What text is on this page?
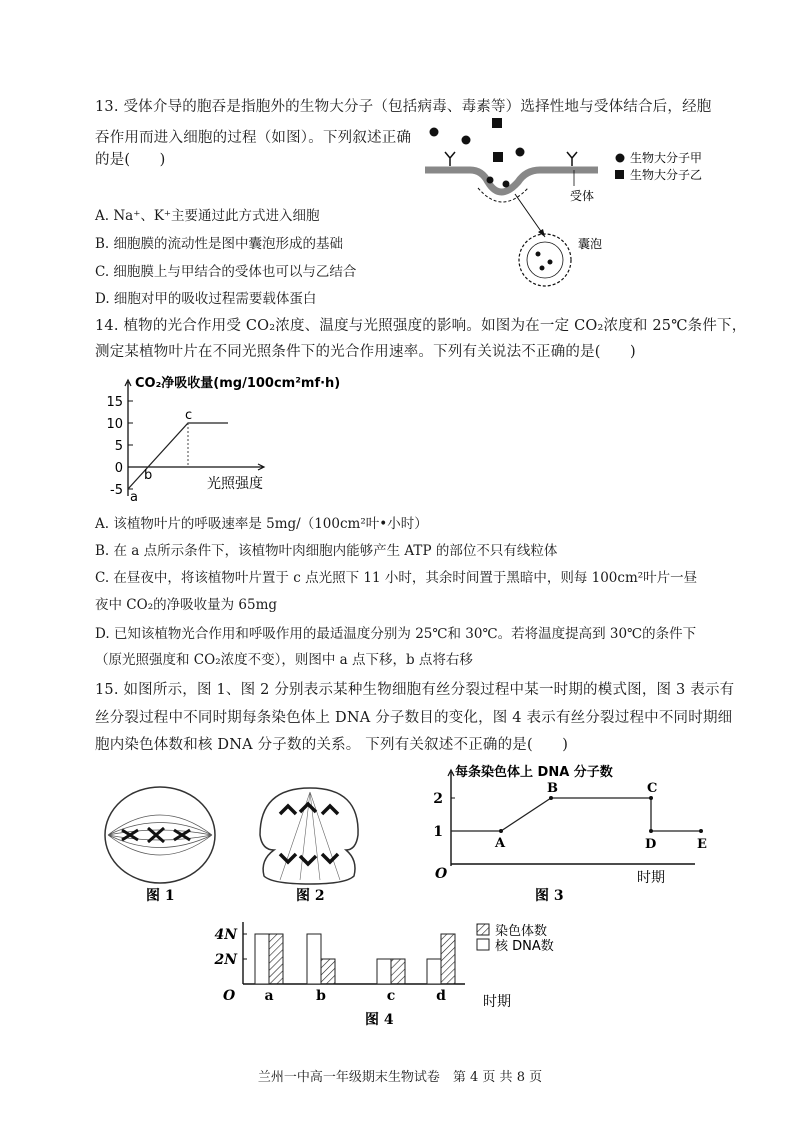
13. 受体介导的胞吞是指胞外的生物大分子（包括病毒、毒素等）选择性地与受体结合后，经胞
吞作用而进入细胞的过程（如图）。下列叙述正确
的是(　　)
A. Na⁺、K⁺主要通过此方式进入细胞
B. 细胞膜的流动性是图中囊泡形成的基础
C. 细胞膜上与甲结合的受体也可以与乙结合
D. 细胞对甲的吸收过程需要载体蛋白
受体
囊泡
生物大分子甲
生物大分子乙
14. 植物的光合作用受 CO₂浓度、温度与光照强度的影响。如图为在一定 CO₂浓度和 25℃条件下，
测定某植物叶片在不同光照条件下的光合作用速率。下列有关说法不正确的是(　　)
CO₂净吸收量(mg/100cm²mf·h)
15
10
5
0
-5	光照强度
a
b
c
A. 该植物叶片的呼吸速率是 5mg/（100cm²叶•小时）
B. 在 a 点所示条件下，该植物叶肉细胞内能够产生 ATP 的部位不只有线粒体
C. 在昼夜中，将该植物叶片置于 c 点光照下 11 小时，其余时间置于黑暗中，则每 100cm²叶片一昼
夜中 CO₂的净吸收量为 65mg
D. 已知该植物光合作用和呼吸作用的最适温度分别为 25℃和 30℃。若将温度提高到 30℃的条件下
（原光照强度和 CO₂浓度不变），则图中 a 点下移，b 点将右移
15. 如图所示，图 1、图 2 分别表示某种生物细胞有丝分裂过程中某一时期的模式图，图 3 表示有
丝分裂过程中不同时期每条染色体上 DNA 分子数目的变化，图 4 表示有丝分裂过程中不同时期细
胞内染色体数和核 DNA 分子数的关系。 下列有关叙述不正确的是(　　)
图 1	图 2
每条染色体上 DNA 分子数
O	时期
2
1
A
B	C
D	E
图 3
O	时期
4N
2N
a	b	c	d
染色体数
核 DNA数
图 4
兰州一中高一年级期末生物试卷　第 4 页 共 8 页
